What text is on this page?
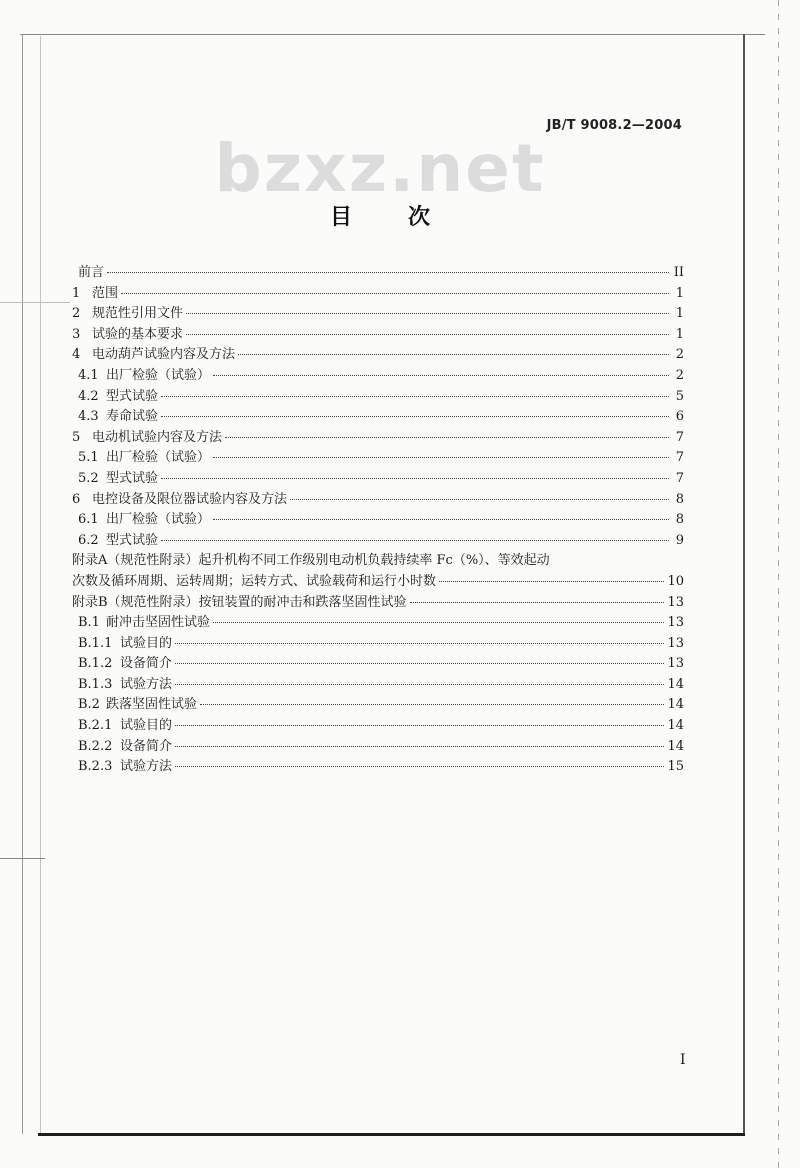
JB/T 9008.2—2004
bzxz.net
目	次
前言	II
1 范围	1
2 规范性引用文件	1
3 试验的基本要求	1
4 电动葫芦试验内容及方法	2
4.1 出厂检验（试验）	2
4.2 型式试验	5
4.3 寿命试验	6
5 电动机试验内容及方法	7
5.1 出厂检验（试验）	7
5.2 型式试验	7
6 电控设备及限位器试验内容及方法	8
6.1 出厂检验（试验）	8
6.2 型式试验	9
附录A（规范性附录）起升机构不同工作级别电动机负载持续率 Fc（%）、等效起动
次数及循环周期、运转周期；运转方式、试验载荷和运行小时数	10
附录B（规范性附录）按钮装置的耐冲击和跌落坚固性试验	13
B.1 耐冲击坚固性试验	13
B.1.1 试验目的	13
B.1.2 设备简介	13
B.1.3 试验方法	14
B.2 跌落坚固性试验	14
B.2.1 试验目的	14
B.2.2 设备简介	14
B.2.3 试验方法	15
I
